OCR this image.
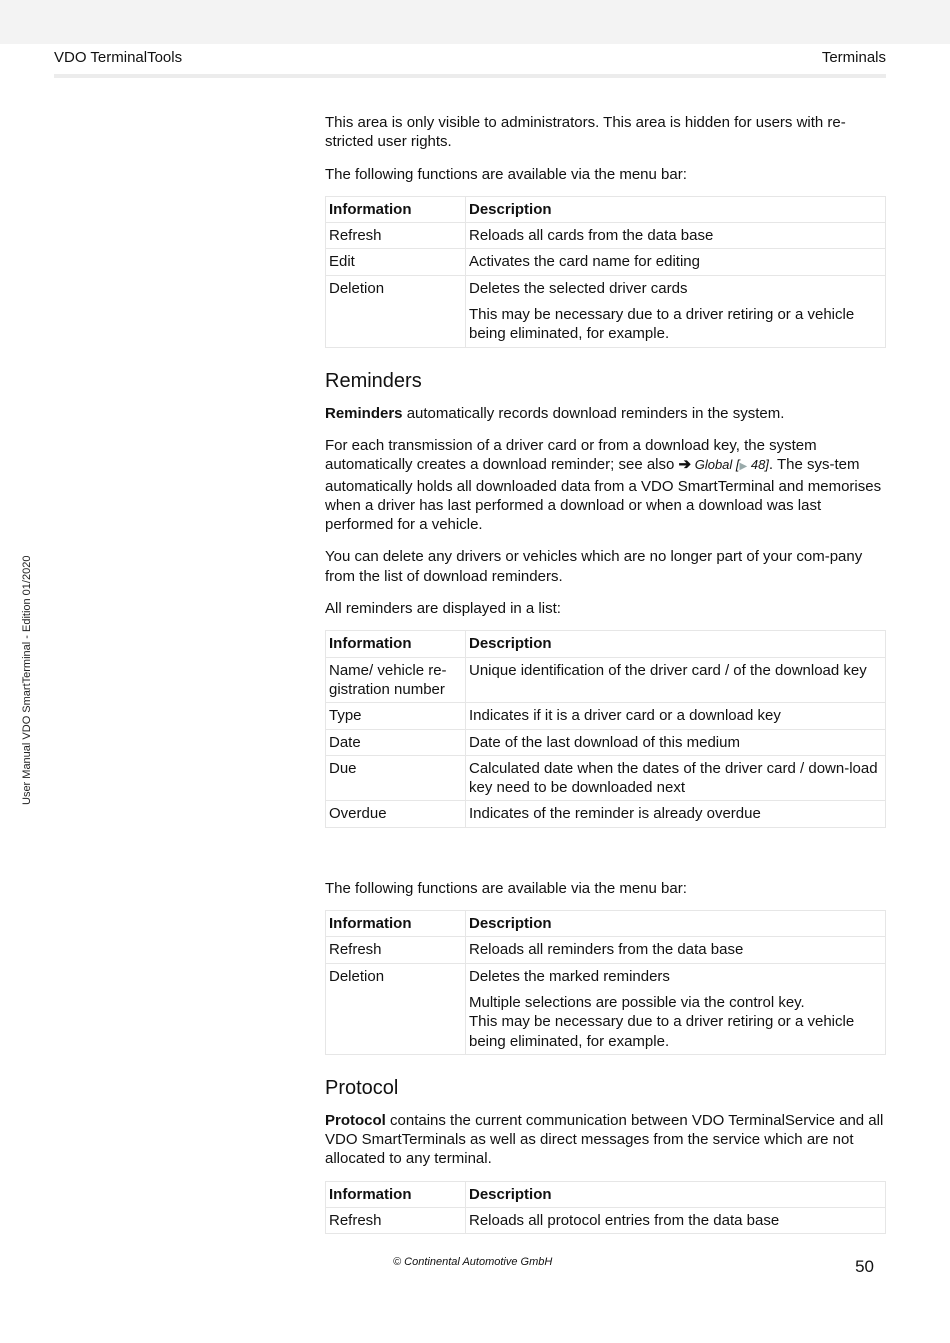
VDO TerminalTools	Terminals
User Manual VDO SmartTerminal - Edition 01/2020

This area is only visible to administrators. This area is hidden for users with re-stricted user rights.

The following functions are available via the menu bar:

Information	Description
Refresh	Reloads all cards from the data base
Edit	Activates the card name for editing
Deletion	Deletes the selected driver cards
This may be necessary due to a driver retiring or a vehicle being eliminated, for example.
Reminders

Reminders automatically records download reminders in the system.

For each transmission of a driver card or from a download key, the system automatically creates a download reminder; see also ➔ Global [▶ 48]. The sys-tem automatically holds all downloaded data from a VDO SmartTerminal and memorises when a driver has last performed a download or when a download was last performed for a vehicle.

You can delete any drivers or vehicles which are no longer part of your com-pany from the list of download reminders.

All reminders are displayed in a list:

Information	Description
Name/ vehicle re-gistration number	Unique identification of the driver card / of the download key
Type	Indicates if it is a driver card or a download key
Date	Date of the last download of this medium
Due	Calculated date when the dates of the driver card / down-load key need to be downloaded next
Overdue	Indicates of the reminder is already overdue

The following functions are available via the menu bar:

Information	Description
Refresh	Reloads all reminders from the data base
Deletion	Deletes the marked reminders
Multiple selections are possible via the control key.
This may be necessary due to a driver retiring or a vehicle being eliminated, for example.
Protocol

Protocol contains the current communication between VDO TerminalService and all VDO SmartTerminals as well as direct messages from the service which are not allocated to any terminal.

Information	Description
Refresh	Reloads all protocol entries from the data base
© Continental Automotive GmbH	50
